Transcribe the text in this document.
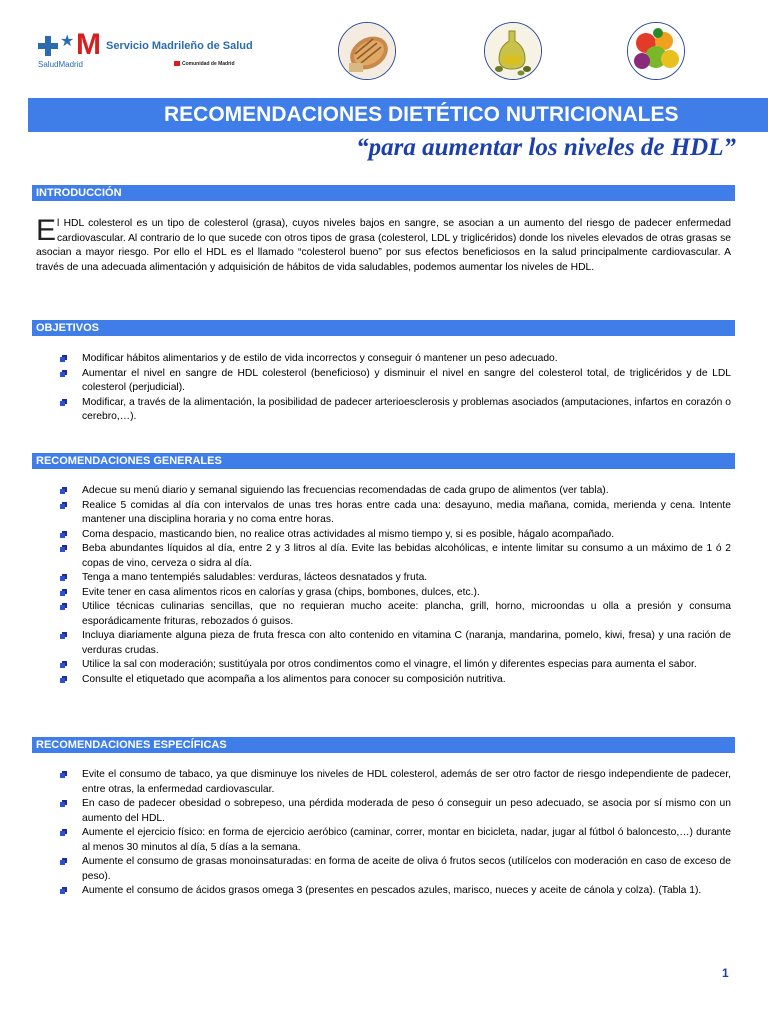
★ M
SaludMadrid
Servicio Madrileño de Salud
Comunidad de Madrid
RECOMENDACIONES DIETÉTICO NUTRICIONALES
“para aumentar los niveles de HDL”
INTRODUCCIÓN
El HDL colesterol es un tipo de colesterol (grasa), cuyos niveles bajos en sangre, se asocian a un aumento del riesgo de padecer enfermedad cardiovascular. Al contrario de lo que sucede con otros tipos de grasa (colesterol, LDL y triglicéridos) donde los niveles elevados de otras grasas se asocian a mayor riesgo. Por ello el HDL es el llamado “colesterol bueno” por sus efectos beneficiosos en la salud principalmente cardiovascular. A través de una adecuada alimentación y adquisición de hábitos de vida saludables, podemos aumentar los niveles de HDL.
OBJETIVOS
Modificar hábitos alimentarios y de estilo de vida incorrectos y conseguir ó mantener un peso adecuado.
Aumentar el nivel en sangre de HDL colesterol (beneficioso) y disminuir el nivel en sangre del colesterol total, de triglicéridos y de LDL colesterol (perjudicial).
Modificar, a través de la alimentación, la posibilidad de padecer arterioesclerosis y problemas asociados (amputaciones, infartos en corazón o cerebro,…).
RECOMENDACIONES GENERALES
Adecue su menú diario y semanal siguiendo las frecuencias recomendadas de cada grupo de alimentos (ver tabla).
Realice 5 comidas al día con intervalos de unas tres horas entre cada una: desayuno, media mañana, comida, merienda y cena. Intente mantener una disciplina horaria y no coma entre horas.
Coma despacio, masticando bien, no realice otras actividades al mismo tiempo y, si es posible, hágalo acompañado.
Beba abundantes líquidos al día, entre 2 y 3 litros al día. Evite las bebidas alcohólicas, e intente limitar su consumo a un máximo de 1 ó 2 copas de vino, cerveza o sidra al día.
Tenga a mano tentempiés saludables: verduras, lácteos desnatados y fruta.
Evite tener en casa alimentos ricos en calorías y grasa (chips, bombones, dulces, etc.).
Utilice técnicas culinarias sencillas, que no requieran mucho aceite: plancha, grill, horno, microondas u olla a presión y consuma esporádicamente frituras, rebozados ó guisos.
Incluya diariamente alguna pieza de fruta fresca con alto contenido en vitamina C (naranja, mandarina, pomelo, kiwi, fresa) y una ración de verduras crudas.
Utilice la sal con moderación; sustitúyala por otros condimentos como el vinagre, el limón y diferentes especias para aumenta el sabor.
Consulte el etiquetado que acompaña a los alimentos para conocer su composición nutritiva.
RECOMENDACIONES ESPECÍFICAS
Evite el consumo de tabaco, ya que disminuye los niveles de HDL colesterol, además de ser otro factor de riesgo independiente de padecer, entre otras, la enfermedad cardiovascular.
En caso de padecer obesidad o sobrepeso, una pérdida moderada de peso ó conseguir un peso adecuado, se asocia por sí mismo con un aumento del HDL.
Aumente el ejercicio físico: en forma de ejercicio aeróbico (caminar, correr, montar en bicicleta, nadar, jugar al fútbol ó baloncesto,…) durante al menos 30 minutos al día, 5 días a la semana.
Aumente el consumo de grasas monoinsaturadas: en forma de aceite de oliva ó frutos secos (utilícelos con moderación en caso de exceso de peso).
Aumente el consumo de ácidos grasos omega 3 (presentes en pescados azules, marisco, nueces y aceite de cánola y colza). (Tabla 1).
1
